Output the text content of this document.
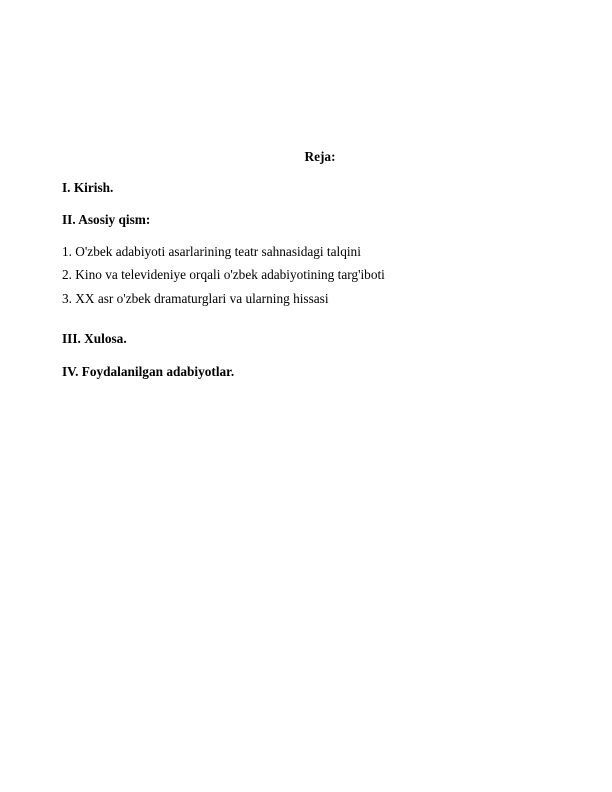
Reja:
I. Kirish.
II. Asosiy qism:
1. O'zbek adabiyoti asarlarining teatr sahnasidagi talqini
2. Kino va televideniye orqali o'zbek adabiyotining targ'iboti
3. XX asr o'zbek dramaturglari va ularning hissasi
III. Xulosa.
IV. Foydalanilgan adabiyotlar.
